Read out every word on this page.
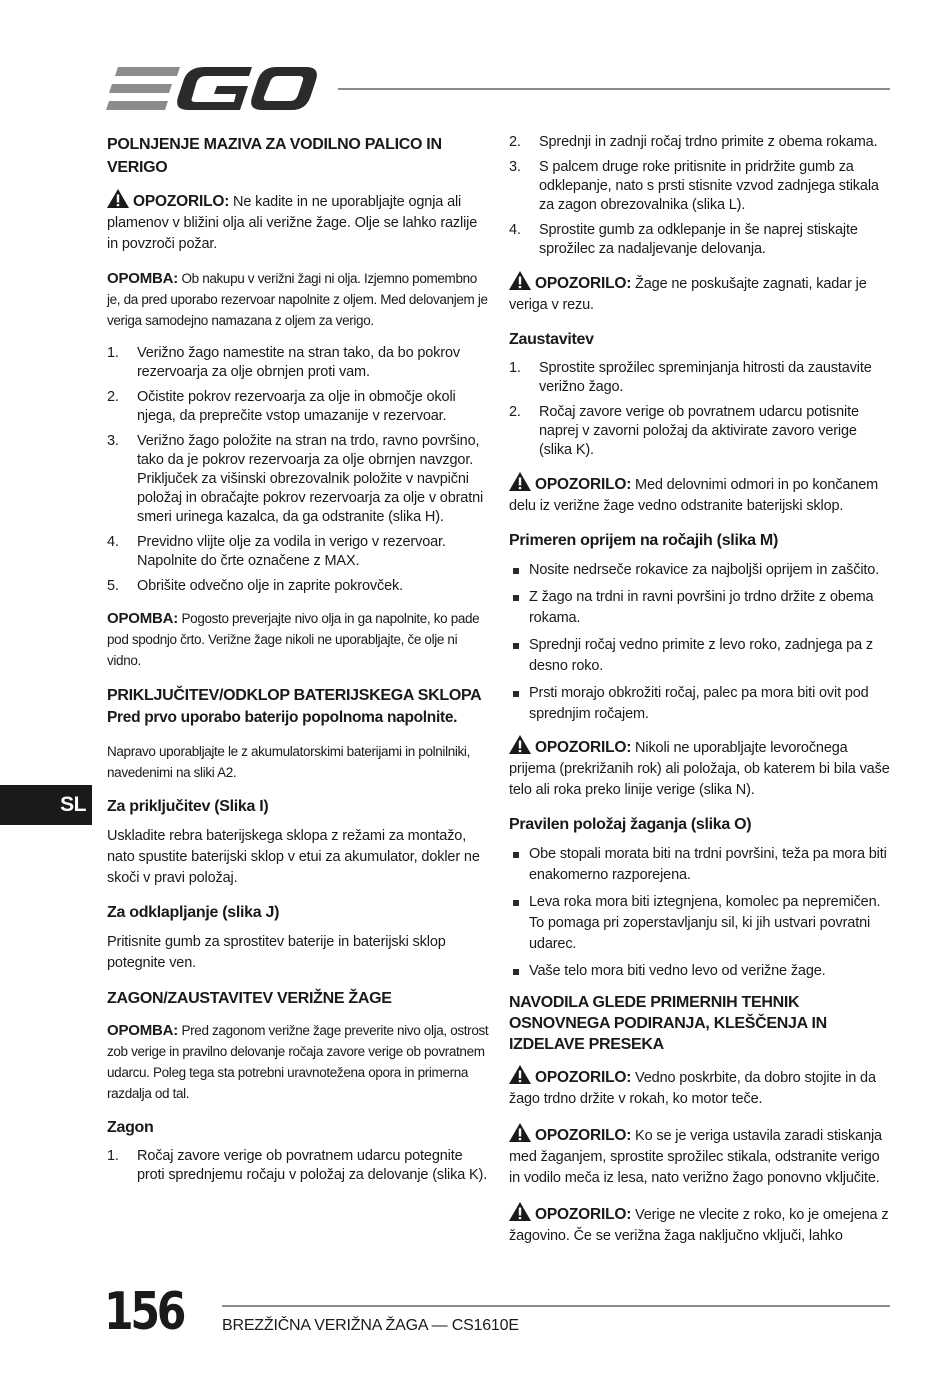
SL
POLNJENJE MAZIVA ZA VODILNO PALICO IN VERIGO

OPOZORILO: Ne kadite in ne uporabljajte ognja ali plamenov v bližini olja ali verižne žage. Olje se lahko razlije in povzroči požar.

OPOMBA: Ob nakupu v verižni žagi ni olja. Izjemno pomembno je, da pred uporabo rezervoar napolnite z oljem. Med delovanjem je veriga samodejno namazana z oljem za verigo.

1. Verižno žago namestite na stran tako, da bo pokrov rezervoarja za olje obrnjen proti vam.
2. Očistite pokrov rezervoarja za olje in območje okoli njega, da preprečite vstop umazanije v rezervoar.
3. Verižno žago položite na stran na trdo, ravno površino, tako da je pokrov rezervoarja za olje obrnjen navzgor. Priključek za višinski obrezovalnik položite v navpični položaj in obračajte pokrov rezervoarja za olje v obratni smeri urinega kazalca, da ga odstranite (slika H).
4. Previdno vlijte olje za vodila in verigo v rezervoar. Napolnite do črte označene z MAX.
5. Obrišite odvečno olje in zaprite pokrovček.

OPOMBA: Pogosto preverjajte nivo olja in ga napolnite, ko pade pod spodnjo črto. Verižne žage nikoli ne uporabljajte, če olje ni vidno.

PRIKLJUČITEV/ODKLOP BATERIJSKEGA SKLOPA
Pred prvo uporabo baterijo popolnoma napolnite.

Napravo uporabljajte le z akumulatorskimi baterijami in polnilniki, navedenimi na sliki A2.

Za priključitev (Slika I)

Uskladite rebra baterijskega sklopa z režami za montažo, nato spustite baterijski sklop v etui za akumulator, dokler ne skoči v pravi položaj.

Za odklapljanje (slika J)

Pritisnite gumb za sprostitev baterije in baterijski sklop potegnite ven.

ZAGON/ZAUSTAVITEV VERIŽNE ŽAGE

OPOMBA: Pred zagonom verižne žage preverite nivo olja, ostrost zob verige in pravilno delovanje ročaja zavore verige ob povratnem udarcu. Poleg tega sta potrebni uravnotežena opora in primerna razdalja od tal.

Zagon
1. Ročaj zavore verige ob povratnem udarcu potegnite proti sprednjemu ročaju v položaj za delovanje (slika K).
2. Sprednji in zadnji ročaj trdno primite z obema rokama.
3. S palcem druge roke pritisnite in pridržite gumb za odklepanje, nato s prsti stisnite vzvod zadnjega stikala za zagon obrezovalnika (slika L).
4. Sprostite gumb za odklepanje in še naprej stiskajte sprožilec za nadaljevanje delovanja.

OPOZORILO: Žage ne poskušajte zagnati, kadar je veriga v rezu.

Zaustavitev
1. Sprostite sprožilec spreminjanja hitrosti da zaustavite verižno žago.
2. Ročaj zavore verige ob povratnem udarcu potisnite naprej v zavorni položaj da aktivirate zavoro verige (slika K).

OPOZORILO: Med delovnimi odmori in po končanem delu iz verižne žage vedno odstranite baterijski sklop.

Primeren oprijem na ročajih (slika M)
Nosite nedrseče rokavice za najboljši oprijem in zaščito.
Z žago na trdni in ravni površini jo trdno držite z obema rokama.
Sprednji ročaj vedno primite z levo roko, zadnjega pa z desno roko.
Prsti morajo obkrožiti ročaj, palec pa mora biti ovit pod sprednjim ročajem.

OPOZORILO: Nikoli ne uporabljajte levoročnega prijema (prekrižanih rok) ali položaja, ob katerem bi bila vaše telo ali roka preko linije verige (slika N).

Pravilen položaj žaganja (slika O)
Obe stopali morata biti na trdni površini, teža pa mora biti enakomerno razporejena.
Leva roka mora biti iztegnjena, komolec pa nepremičen. To pomaga pri zoperstavljanju sil, ki jih ustvari povratni udarec.
Vaše telo mora biti vedno levo od verižne žage.
NAVODILA GLEDE PRIMERNIH TEHNIK OSNOVNEGA PODIRANJA, KLEŠČENJA IN IZDELAVE PRESEKA

OPOZORILO: Vedno poskrbite, da dobro stojite in da žago trdno držite v rokah, ko motor teče.

OPOZORILO: Ko se je veriga ustavila zaradi stiskanja med žaganjem, sprostite sprožilec stikala, odstranite verigo in vodilo meča iz lesa, nato verižno žago ponovno vključite.

OPOZORILO: Verige ne vlecite z roko, ko je omejena z žagovino. Če se verižna žaga naključno vključi, lahko

156 BREZŽIČNA VERIŽNA ŽAGA — CS1610E
